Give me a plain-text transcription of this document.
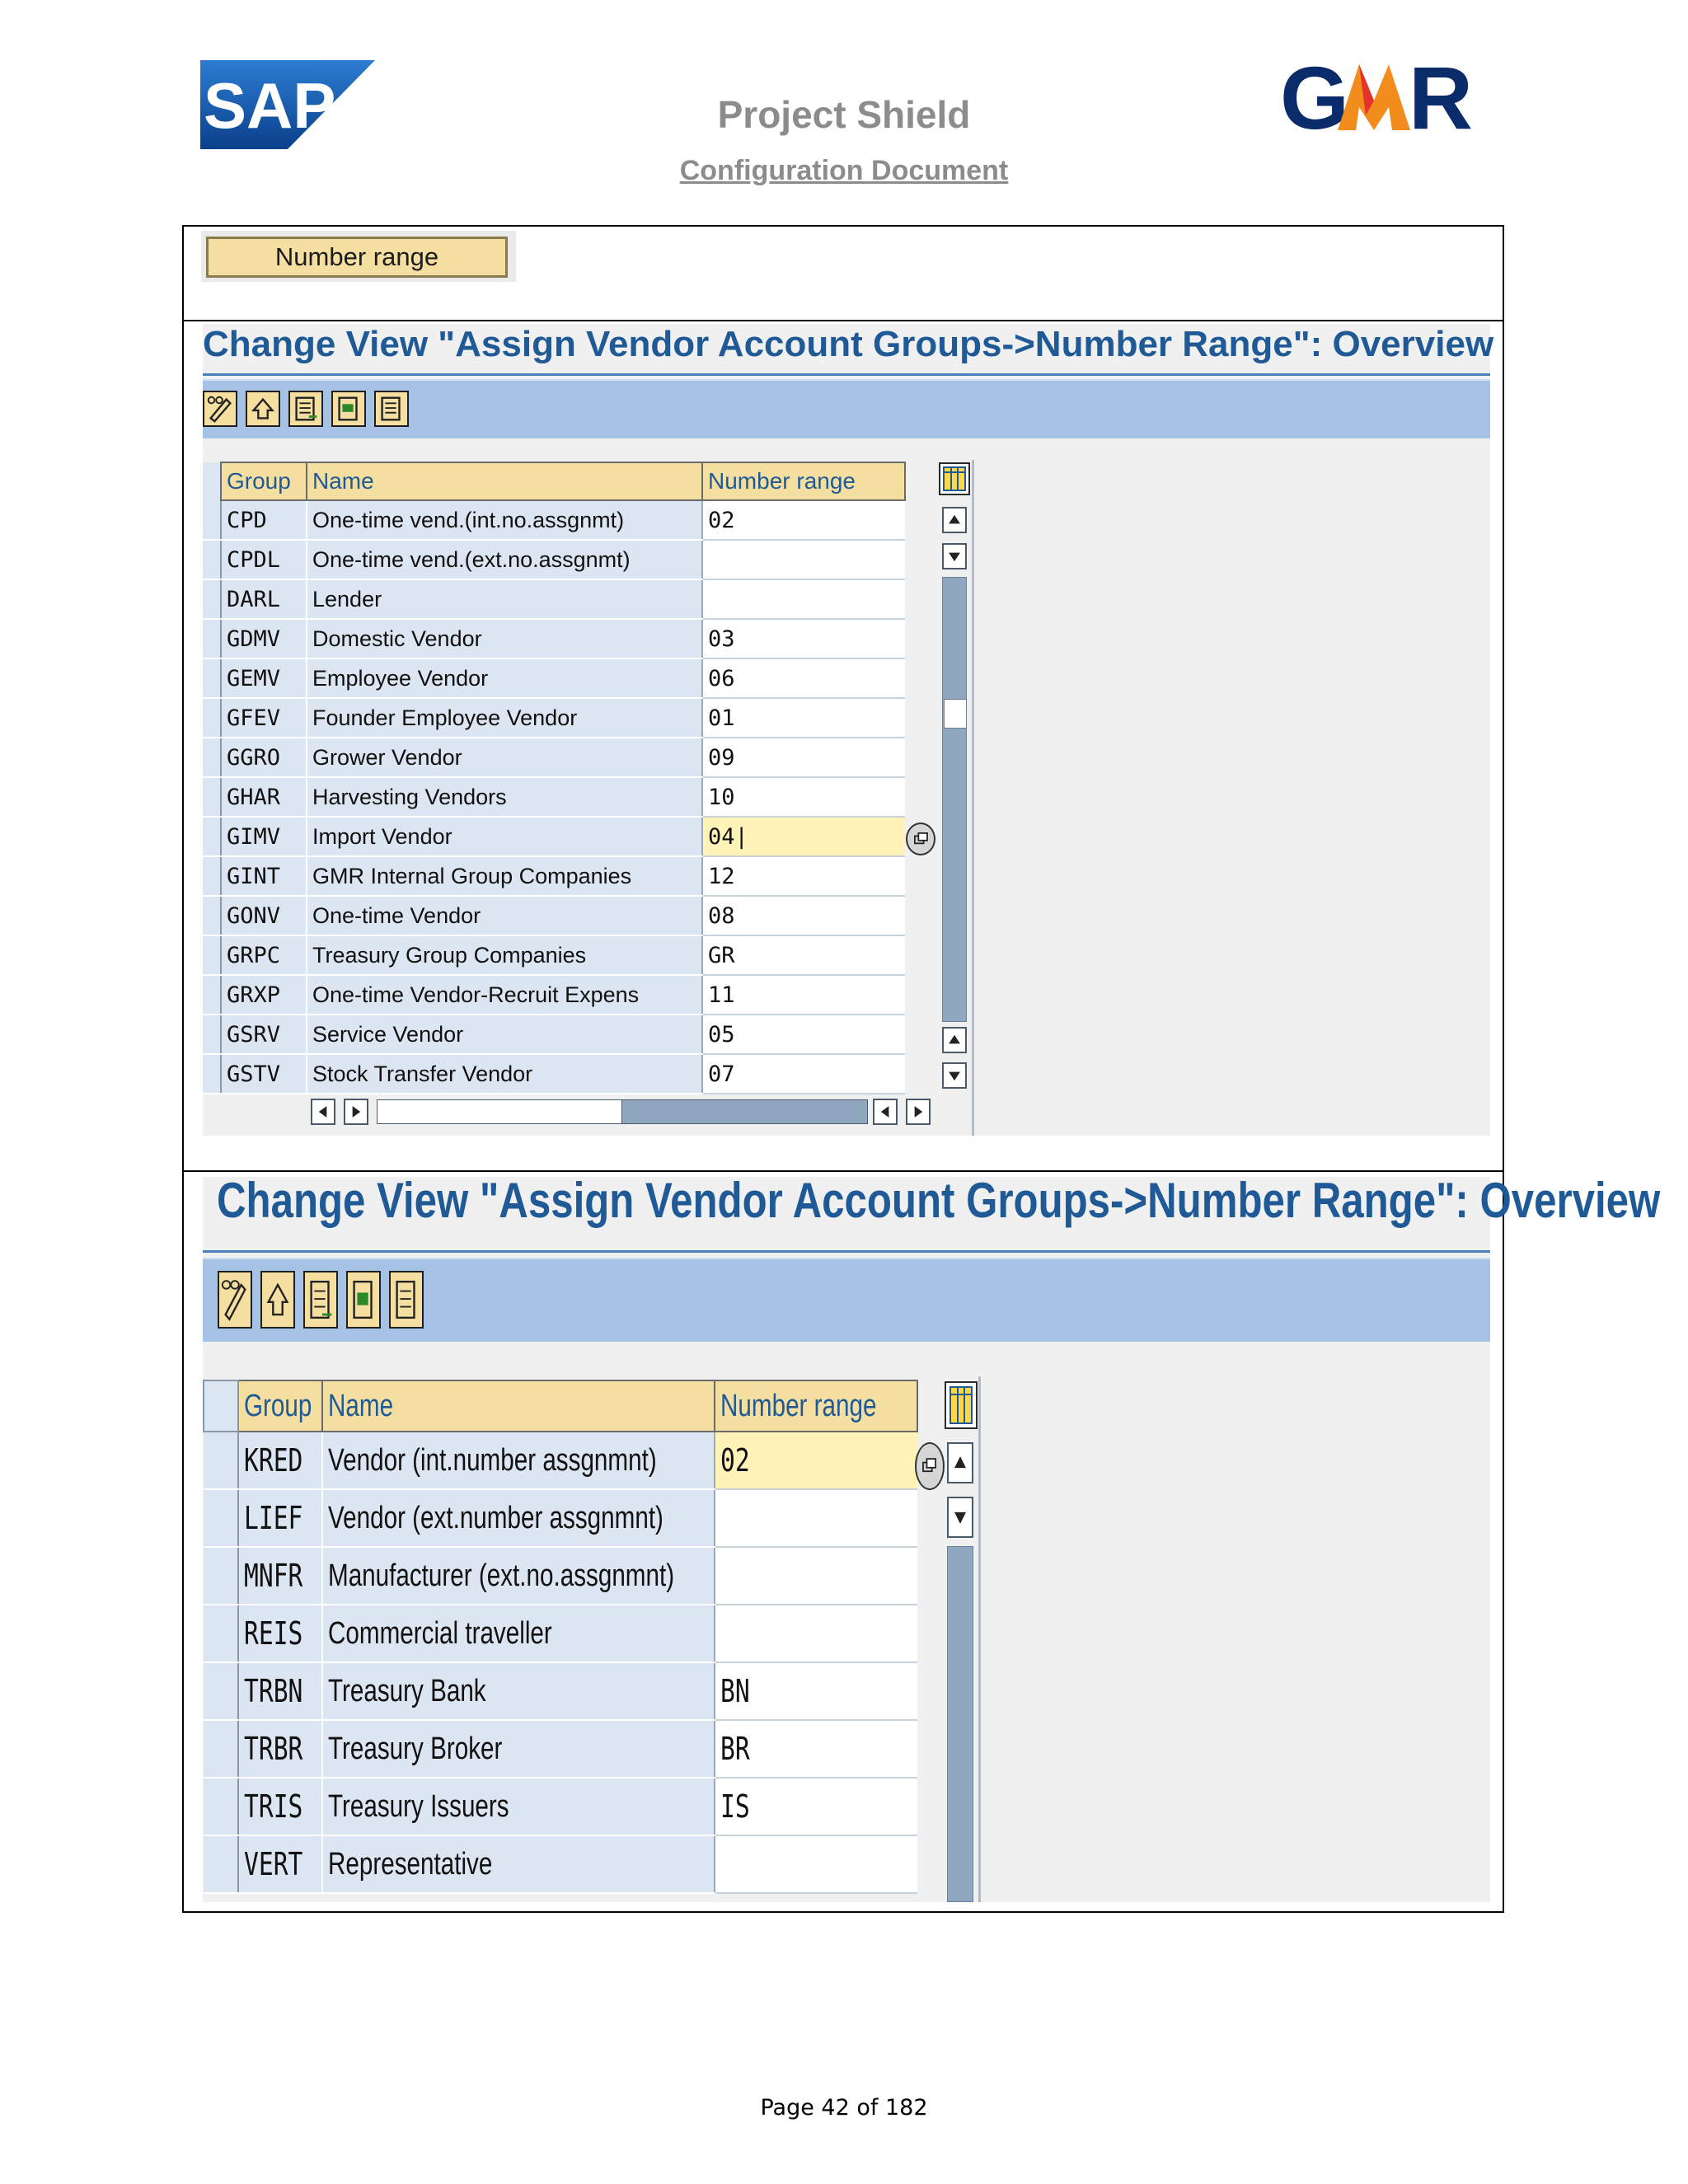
SAP	Project Shield
Configuration Document
G R
Number range
Change View "Assign Vendor Account Groups->Number Range": Overview
	Group	Name	Number range
	CPD	One-time vend.(int.no.assgnmt)	02
	CPDL	One-time vend.(ext.no.assgnmt)	
	DARL	Lender	
	GDMV	Domestic Vendor	03
	GEMV	Employee Vendor	06
	GFEV	Founder Employee Vendor	01
	GGRO	Grower Vendor	09
	GHAR	Harvesting Vendors	10
	GIMV	Import Vendor	04|
	GINT	GMR Internal Group Companies	12
	GONV	One-time Vendor	08
	GRPC	Treasury Group Companies	GR
	GRXP	One-time Vendor-Recruit Expens	11
	GSRV	Service Vendor	05
	GSTV	Stock Transfer Vendor	07
Change View "Assign Vendor Account Groups->Number Range": Overview
	Group	Name	Number range
	KRED	Vendor (int.number assgnmnt)	02
	LIEF	Vendor (ext.number assgnmnt)	
	MNFR	Manufacturer (ext.no.assgnmnt)	
	REIS	Commercial traveller	
	TRBN	Treasury Bank	BN
	TRBR	Treasury Broker	BR
	TRIS	Treasury Issuers	IS
	VERT	Representative	
Page 42 of 182
